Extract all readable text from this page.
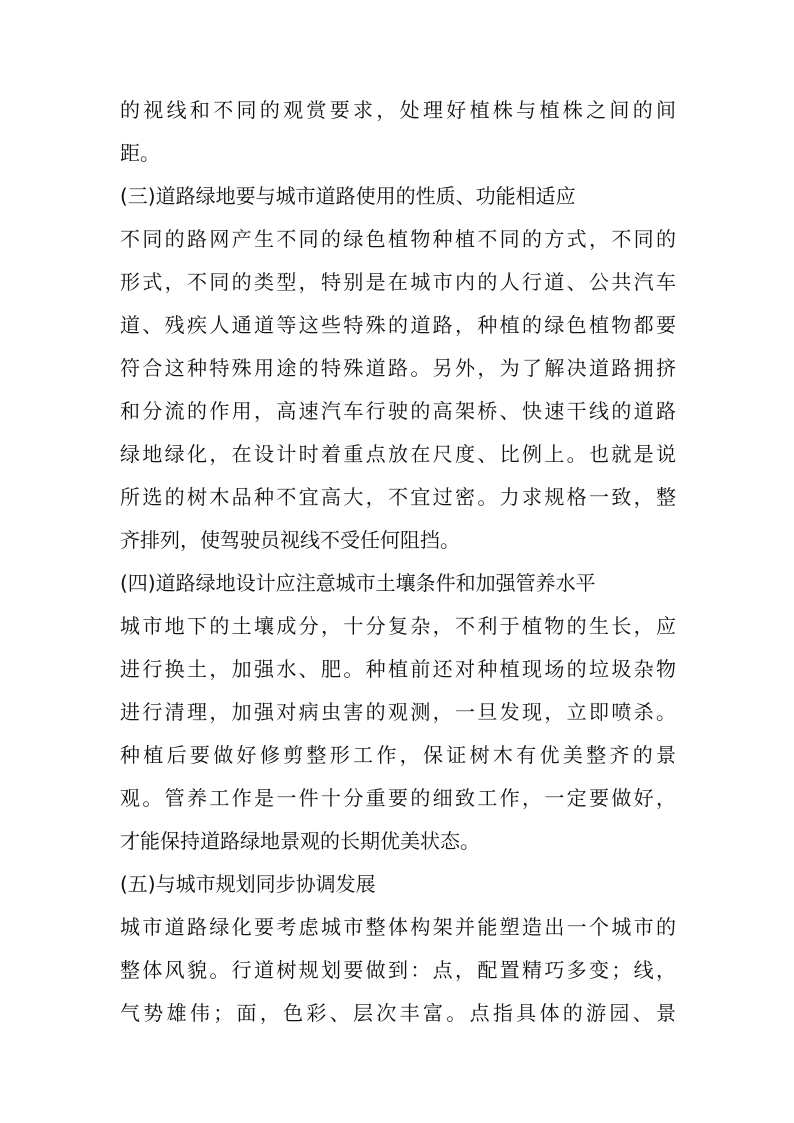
的视线和不同的观赏要求，处理好植株与植株之间的间
距。
(三)道路绿地要与城市道路使用的性质、功能相适应
不同的路网产生不同的绿色植物种植不同的方式，不同的
形式，不同的类型，特别是在城市内的人行道、公共汽车
道、残疾人通道等这些特殊的道路，种植的绿色植物都要
符合这种特殊用途的特殊道路。另外，为了解决道路拥挤
和分流的作用，高速汽车行驶的高架桥、快速干线的道路
绿地绿化，在设计时着重点放在尺度、比例上。也就是说
所选的树木品种不宜高大，不宜过密。力求规格一致，整
齐排列，使驾驶员视线不受任何阻挡。
(四)道路绿地设计应注意城市土壤条件和加强管养水平
城市地下的土壤成分，十分复杂，不利于植物的生长，应
进行换土，加强水、肥。种植前还对种植现场的垃圾杂物
进行清理，加强对病虫害的观测，一旦发现，立即喷杀。
种植后要做好修剪整形工作，保证树木有优美整齐的景
观。管养工作是一件十分重要的细致工作，一定要做好，
才能保持道路绿地景观的长期优美状态。
(五)与城市规划同步协调发展
城市道路绿化要考虑城市整体构架并能塑造出一个城市的
整体风貌。行道树规划要做到：点，配置精巧多变；线，
气势雄伟；面，色彩、层次丰富。点指具体的游园、景
